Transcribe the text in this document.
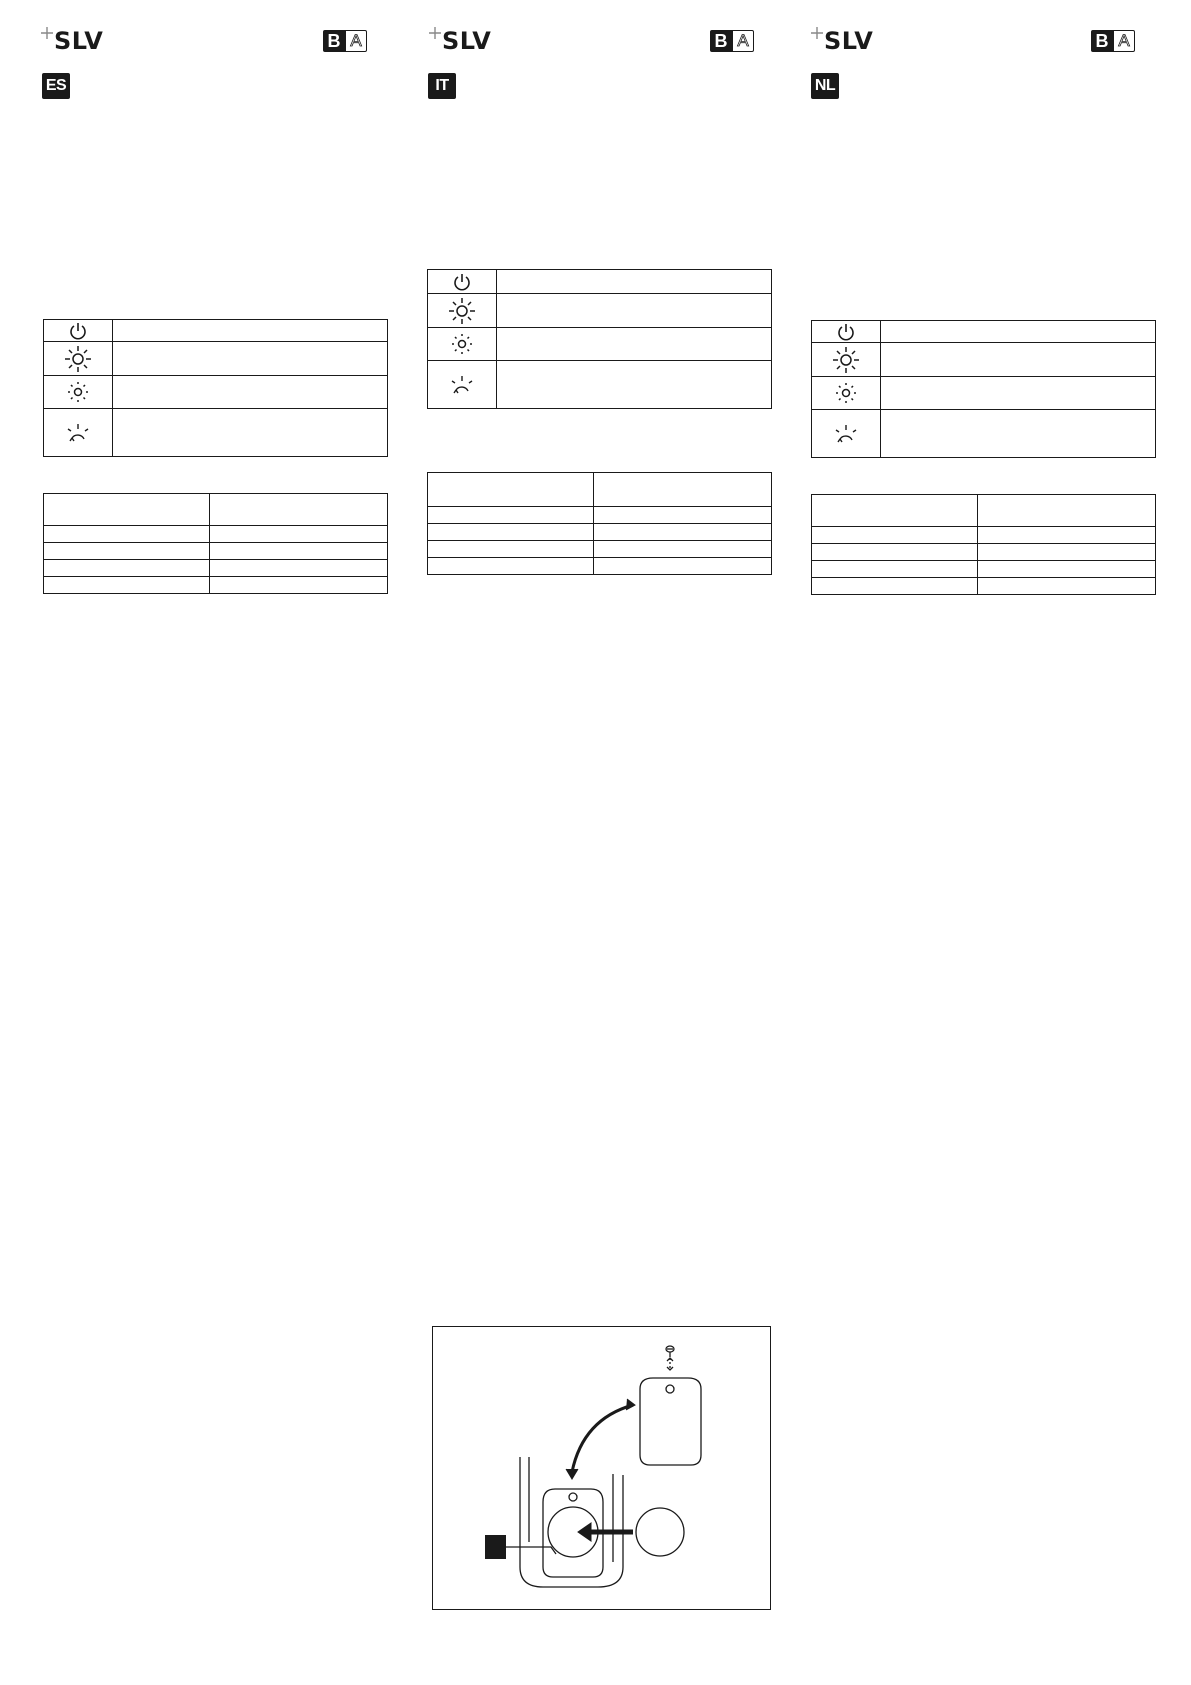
SLV	B A
ES
SLV	B A
IT
SLV	B A
NL
